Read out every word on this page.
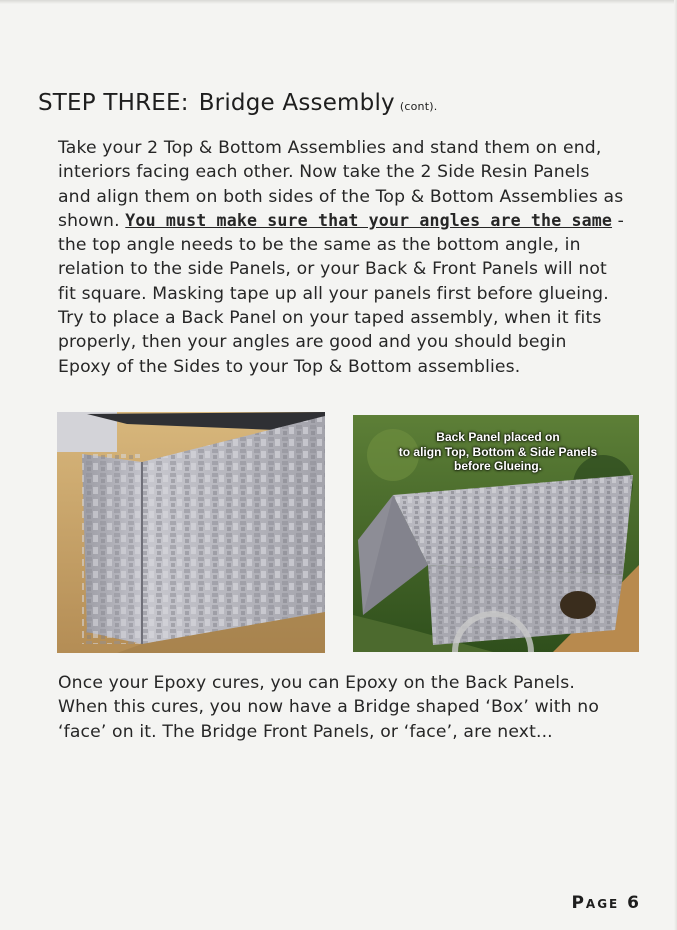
STEP THREE: Bridge Assembly (cont).
Take your 2 Top & Bottom Assemblies and stand them on end, interiors facing each other. Now take the 2 Side Resin Panels and align them on both sides of the Top & Bottom Assemblies as shown. You must make sure that your angles are the same - the top angle needs to be the same as the bottom angle, in relation to the side Panels, or your Back & Front Panels will not fit square. Masking tape up all your panels first before glueing. Try to place a Back Panel on your taped assembly, when it fits properly, then your angles are good and you should begin Epoxy of the Sides to your Top & Bottom assemblies.
Back Panel placed on
to align Top, Bottom & Side Panels
before Glueing.
Once your Epoxy cures, you can Epoxy on the Back Panels. When this cures, you now have a Bridge shaped ‘Box’ with no ‘face’ on it. The Bridge Front Panels, or ‘face’, are next...
Page 6
